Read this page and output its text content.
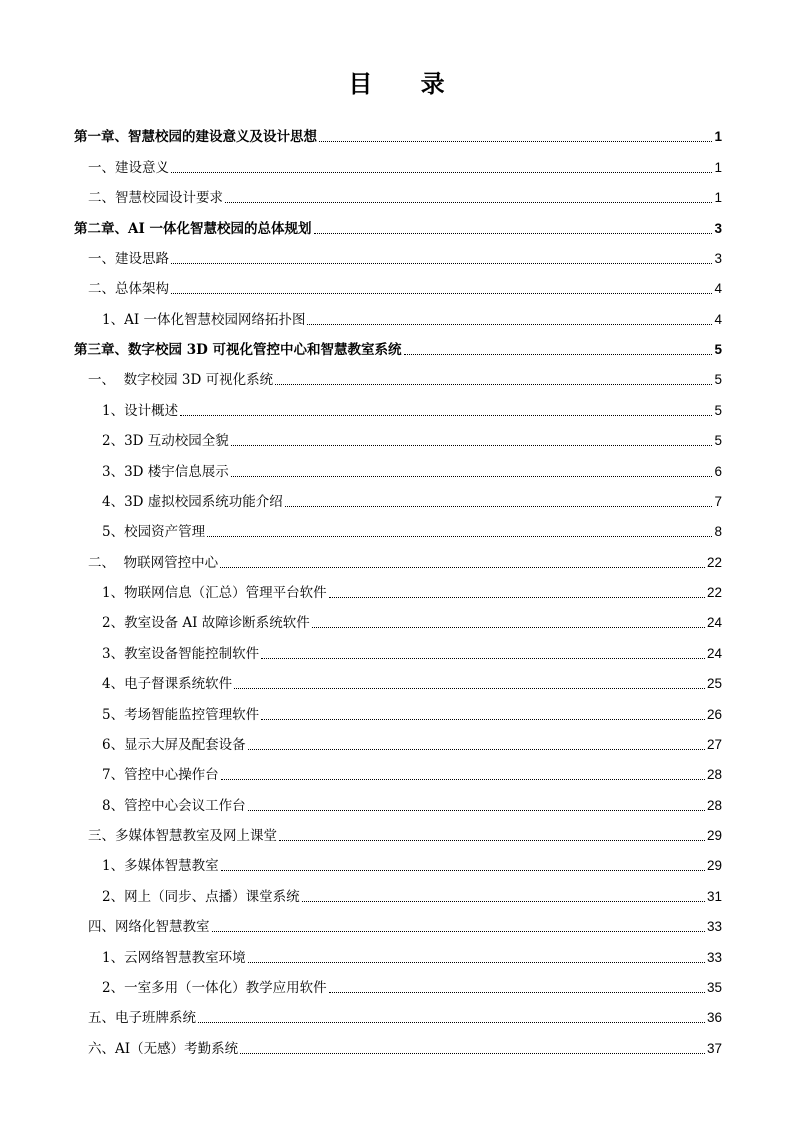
目 录
第一章、智慧校园的建设意义及设计思想	1
一、建设意义	1
二、智慧校园设计要求	1
第二章、AI 一体化智慧校园的总体规划	3
一、建设思路	3
二、总体架构	4
1、AI 一体化智慧校园网络拓扑图	4
第三章、数字校园 3D 可视化管控中心和智慧教室系统	5
一、  数字校园 3D 可视化系统	5
1、设计概述	5
2、3D 互动校园全貌	5
3、3D 楼宇信息展示	6
4、3D 虚拟校园系统功能介绍	7
5、校园资产管理	8
二、  物联网管控中心	22
1、物联网信息（汇总）管理平台软件	22
2、教室设备 AI 故障诊断系统软件	24
3、教室设备智能控制软件	24
4、电子督课系统软件	25
5、考场智能监控管理软件	26
6、显示大屏及配套设备	27
7、管控中心操作台	28
8、管控中心会议工作台	28
三、多媒体智慧教室及网上课堂	29
1、多媒体智慧教室	29
2、网上（同步、点播）课堂系统	31
四、网络化智慧教室	33
1、云网络智慧教室环境	33
2、一室多用（一体化）教学应用软件	35
五、电子班牌系统	36
六、AI（无感）考勤系统	37
